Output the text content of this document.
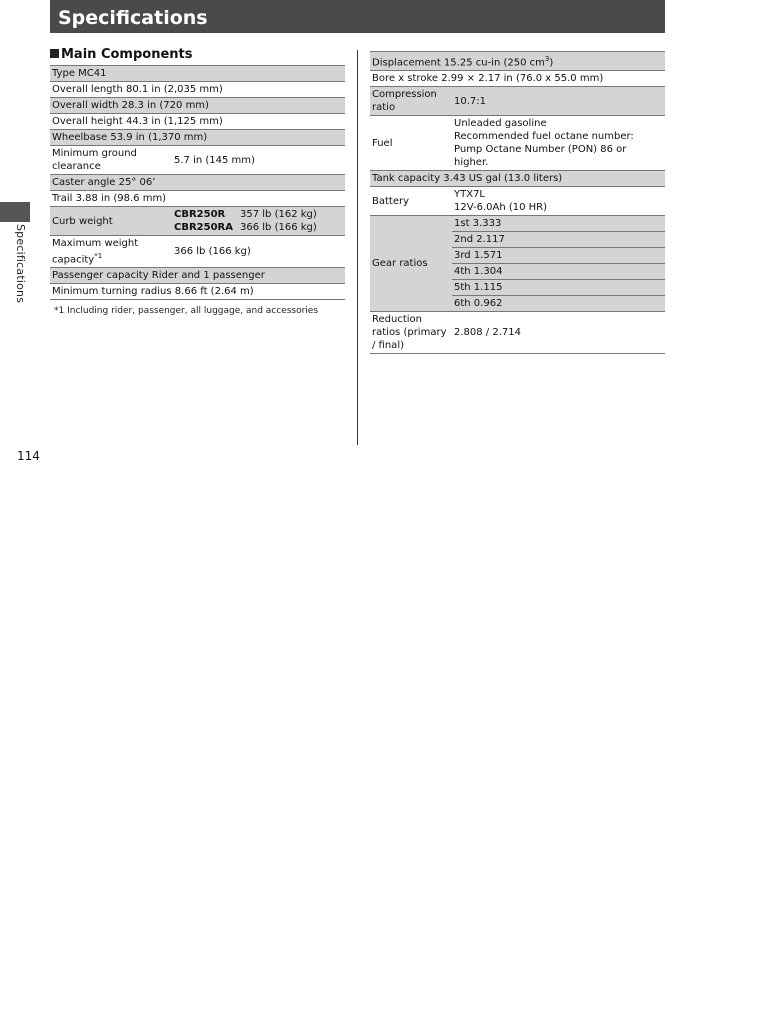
Specifications
Specifications
114
Main Components
Type MC41	
Overall length 80.1 in (2,035 mm)	
Overall width 28.3 in (720 mm)	
Overall height 44.3 in (1,125 mm)	
Wheelbase 53.9 in (1,370 mm)	
Minimum ground clearance	5.7 in (145 mm)
Caster angle 25° 06’	
Trail 3.88 in (98.6 mm)	
Curb weight	CBR250R 357 lb (162 kg)
CBR250RA 366 lb (166 kg)

Maximum weight capacity$^{*1}$	366 lb (166 kg)
Passenger capacity Rider and 1 passenger	
Minimum turning radius 8.66 ft (2.64 m)	
*1 Including rider, passenger, all luggage, and accessories
Displacement 15.25 cu-in (250 $cm^3$)	
Bore x stroke 2.99 × 2.17 in (76.0 x 55.0 mm)	
Compression ratio	10.7:1
Fuel	Unleaded gasoline
Recommended fuel octane number:
Pump Octane Number (PON) 86 or higher.

Tank capacity 3.43 US gal (13.0 liters)	
Battery	YTX7L
12V-6.0Ah (10 HR)

Gear ratios	1st 3.333
	2nd 2.117
	3rd 1.571
	4th 1.304
	5th 1.115
	6th 0.962
Reduction ratios (primary / final)	2.808 / 2.714
